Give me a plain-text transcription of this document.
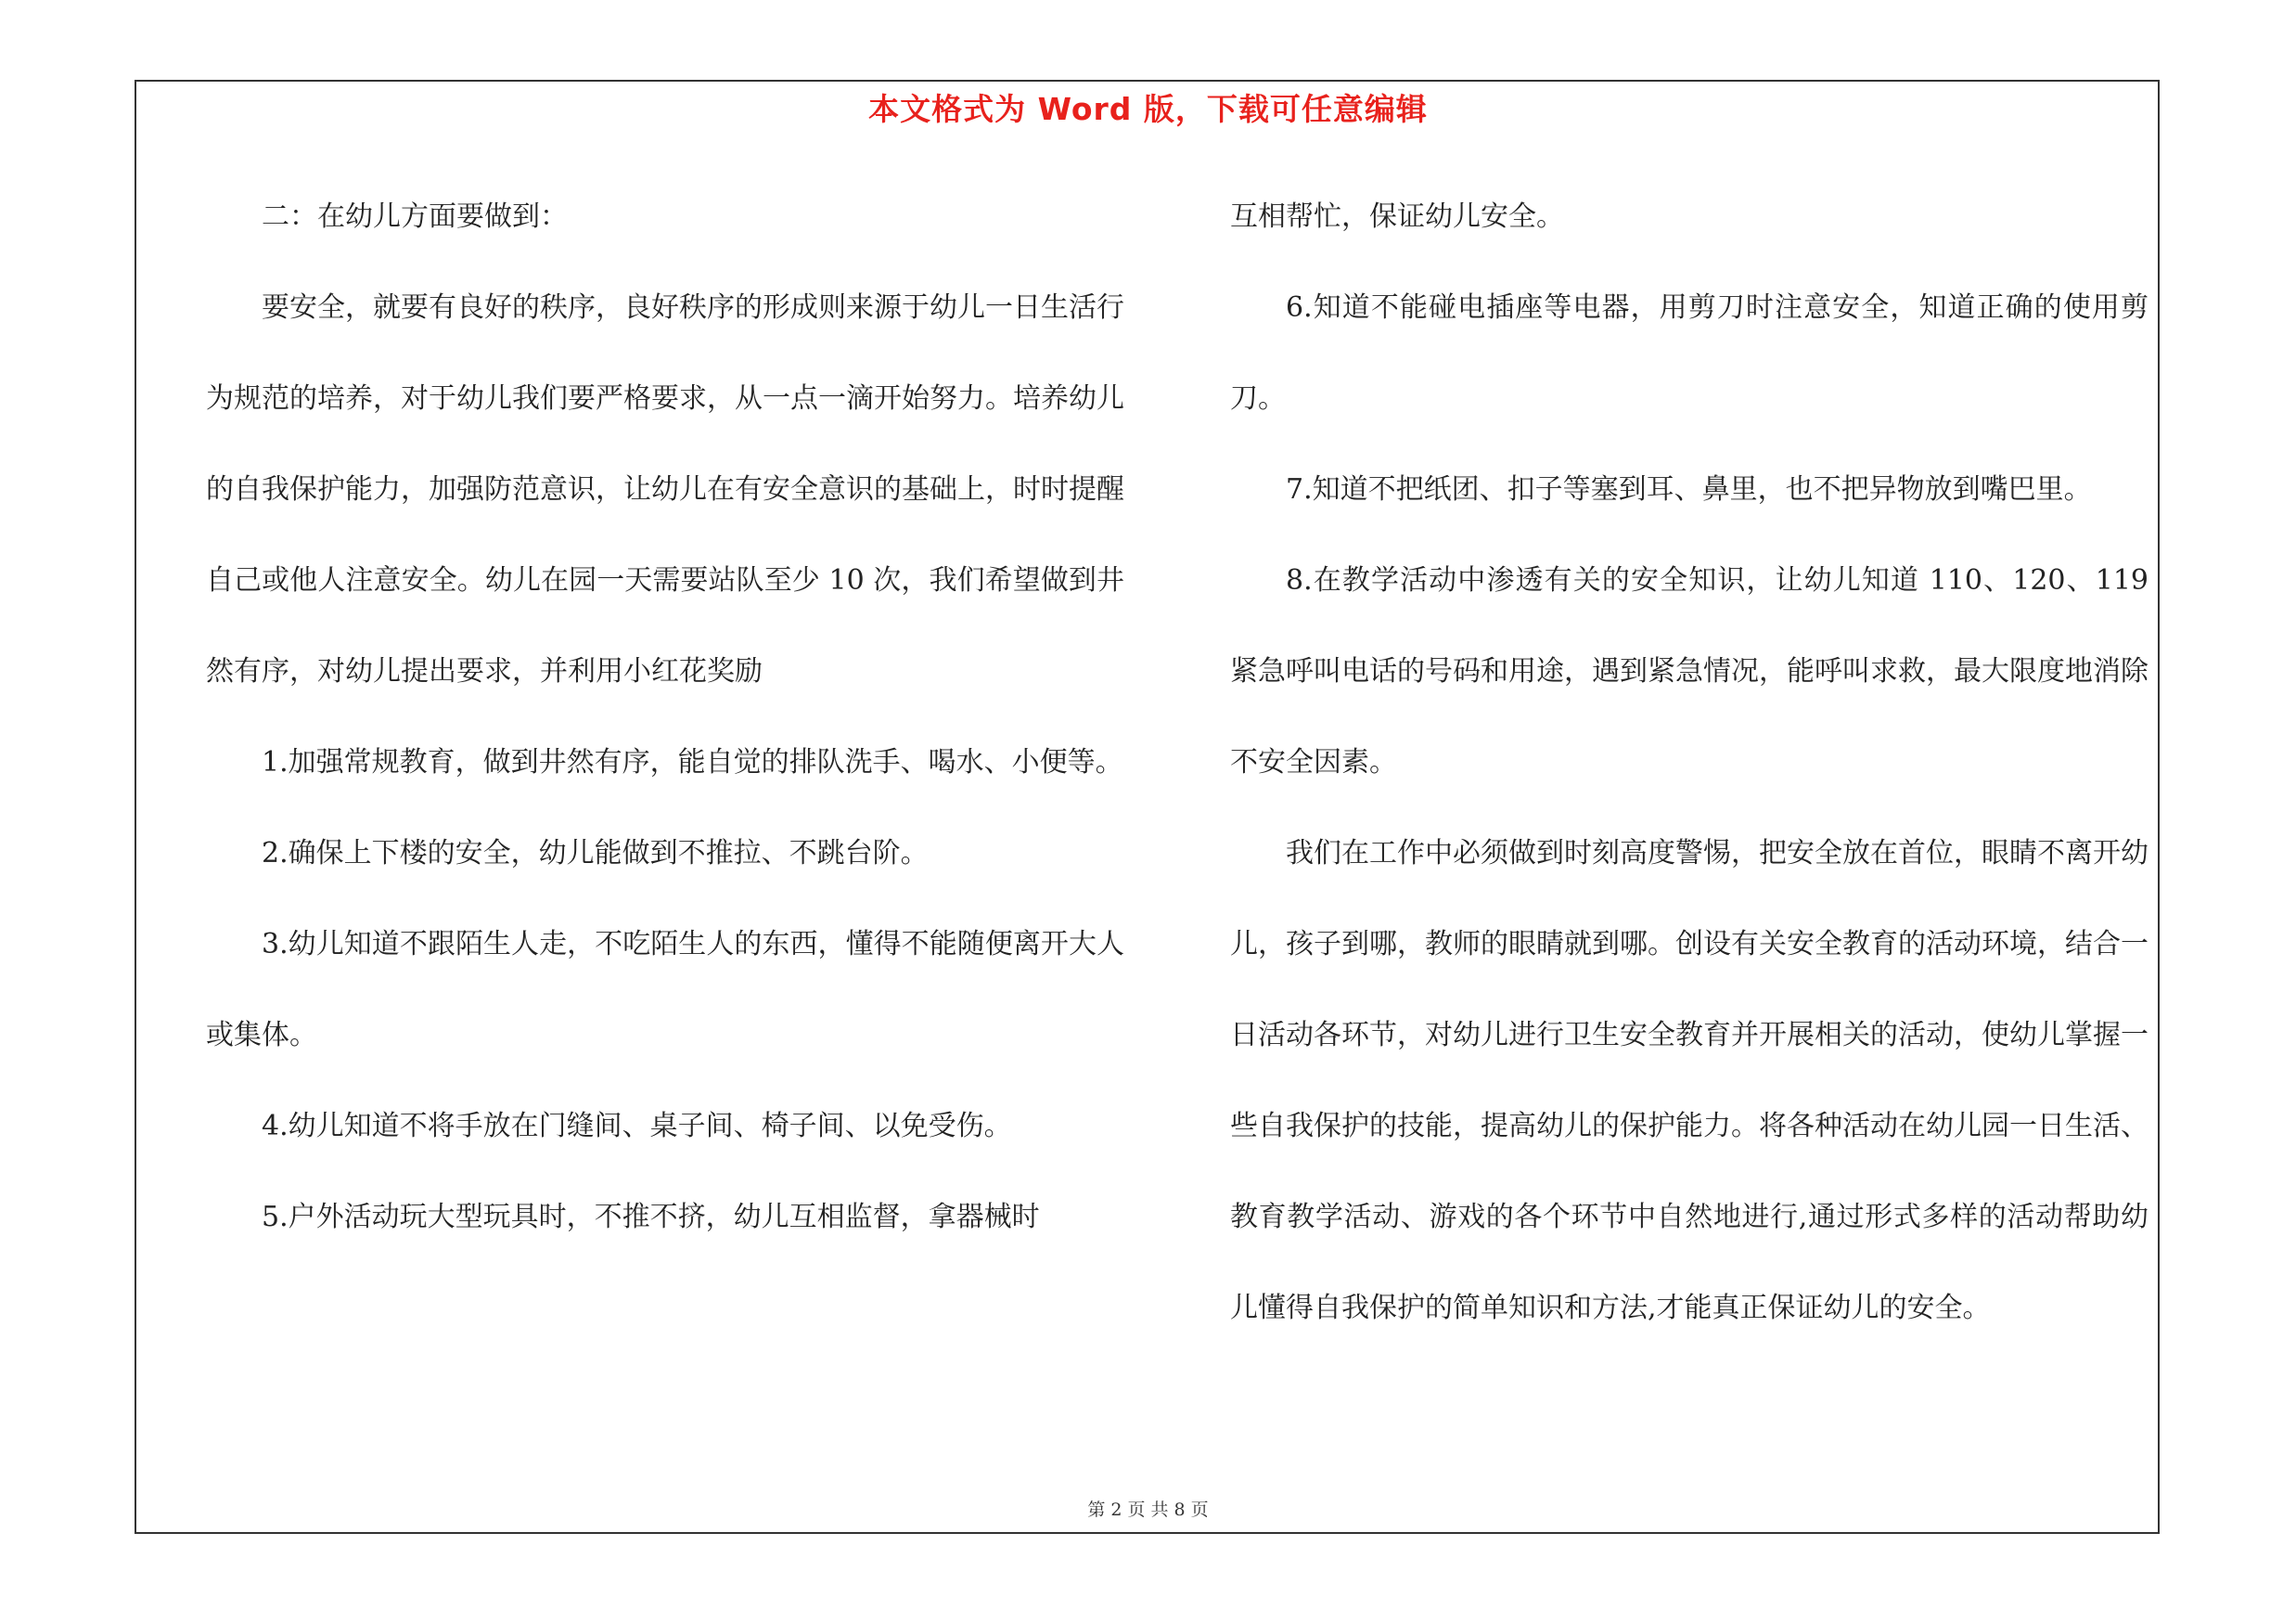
本文格式为 Word 版，下载可任意编辑

二：在幼儿方面要做到：

要安全，就要有良好的秩序，良好秩序的形成则来源于幼儿一日生活行为规范的培养，对于幼儿我们要严格要求，从一点一滴开始努力。培养幼儿的自我保护能力，加强防范意识，让幼儿在有安全意识的基础上，时时提醒自己或他人注意安全。幼儿在园一天需要站队至少 10 次，我们希望做到井然有序，对幼儿提出要求，并利用小红花奖励

1.加强常规教育，做到井然有序，能自觉的排队洗手、喝水、小便等。

2.确保上下楼的安全，幼儿能做到不推拉、不跳台阶。

3.幼儿知道不跟陌生人走，不吃陌生人的东西，懂得不能随便离开大人或集体。

4.幼儿知道不将手放在门缝间、桌子间、椅子间、以免受伤。

5.户外活动玩大型玩具时，不推不挤，幼儿互相监督，拿器械时

互相帮忙，保证幼儿安全。

6.知道不能碰电插座等电器，用剪刀时注意安全，知道正确的使用剪刀。

7.知道不把纸团、扣子等塞到耳、鼻里，也不把异物放到嘴巴里。

8.在教学活动中渗透有关的安全知识，让幼儿知道 110、120、119 紧急呼叫电话的号码和用途，遇到紧急情况，能呼叫求救，最大限度地消除不安全因素。

我们在工作中必须做到时刻高度警惕，把安全放在首位，眼睛不离开幼儿，孩子到哪，教师的眼睛就到哪。创设有关安全教育的活动环境，结合一日活动各环节，对幼儿进行卫生安全教育并开展相关的活动，使幼儿掌握一些自我保护的技能，提高幼儿的保护能力。将各种活动在幼儿园一日生活、教育教学活动、游戏的各个环节中自然地进行,通过形式多样的活动帮助幼儿懂得自我保护的简单知识和方法,才能真正保证幼儿的安全。

第 2 页 共 8 页
